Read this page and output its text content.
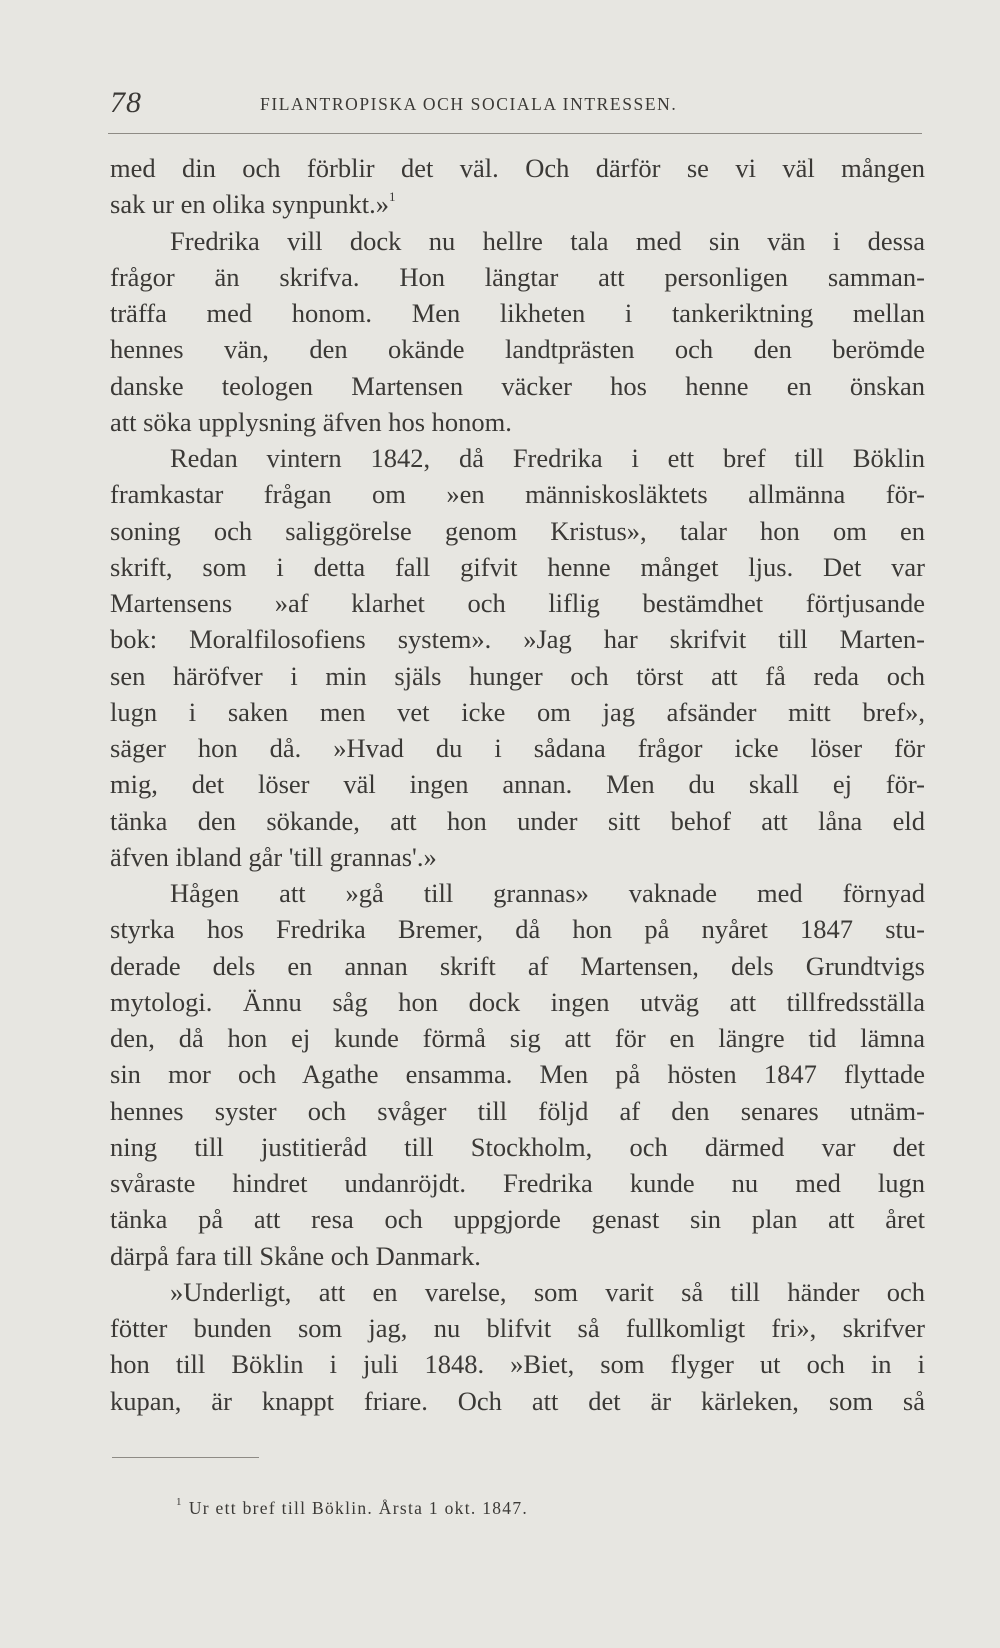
78	FILANTROPISKA OCH SOCIALA INTRESSEN.
med din och förblir det väl. Och därför se vi väl mången
sak ur en olika synpunkt.»$^1$
Fredrika vill dock nu hellre tala med sin vän i dessa
frågor än skrifva. Hon längtar att personligen samman-
träffa med honom. Men likheten i tankeriktning mellan
hennes vän, den okände landtprästen och den berömde
danske teologen Martensen väcker hos henne en önskan
att söka upplysning äfven hos honom.
Redan vintern 1842, då Fredrika i ett bref till Böklin
framkastar frågan om »en människosläktets allmänna för-
soning och saliggörelse genom Kristus», talar hon om en
skrift, som i detta fall gifvit henne månget ljus. Det var
Martensens »af klarhet och liflig bestämdhet förtjusande
bok: Moralfilosofiens system». »Jag har skrifvit till Marten-
sen häröfver i min själs hunger och törst att få reda och
lugn i saken men vet icke om jag afsänder mitt bref»,
säger hon då. »Hvad du i sådana frågor icke löser för
mig, det löser väl ingen annan. Men du skall ej för-
tänka den sökande, att hon under sitt behof att låna eld
äfven ibland går 'till grannas'.»
Hågen att »gå till grannas» vaknade med förnyad
styrka hos Fredrika Bremer, då hon på nyåret 1847 stu-
derade dels en annan skrift af Martensen, dels Grundtvigs
mytologi. Ännu såg hon dock ingen utväg att tillfredsställa
den, då hon ej kunde förmå sig att för en längre tid lämna
sin mor och Agathe ensamma. Men på hösten 1847 flyttade
hennes syster och svåger till följd af den senares utnäm-
ning till justitieråd till Stockholm, och därmed var det
svåraste hindret undanröjdt. Fredrika kunde nu med lugn
tänka på att resa och uppgjorde genast sin plan att året
därpå fara till Skåne och Danmark.
»Underligt, att en varelse, som varit så till händer och
fötter bunden som jag, nu blifvit så fullkomligt fri», skrifver
hon till Böklin i juli 1848. »Biet, som flyger ut och in i
kupan, är knappt friare. Och att det är kärleken, som så
$^1$ Ur ett bref till Böklin. Årsta 1 okt. 1847.
